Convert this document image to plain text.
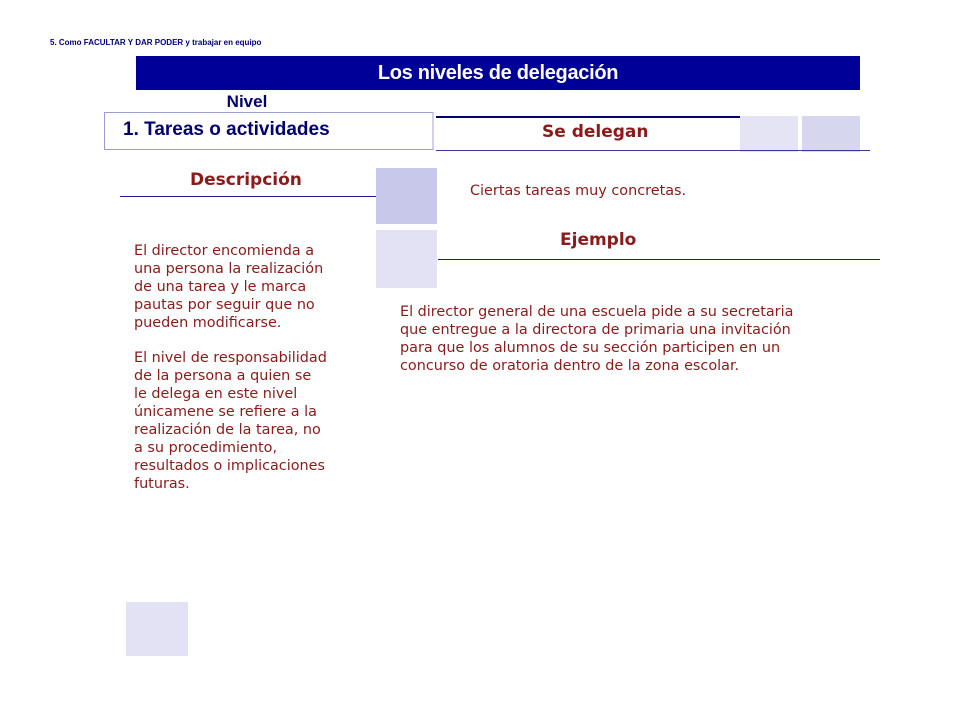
5. Como FACULTAR Y DAR PODER y trabajar en equipo
Los niveles de delegación
Nivel
1. Tareas o actividades	Se delegan
Descripción
Ciertas tareas muy concretas.
Ejemplo
El director encomienda a
una persona la realización
de una tarea y le marca
pautas por seguir que no
pueden modificarse.
El nivel de responsabilidad
de la persona a quien se
le delega en este nivel
únicamene se refiere a la
realización de la tarea, no
a su procedimiento,
resultados o implicaciones
futuras.
El director general de una escuela pide a su secretaria
que entregue a la directora de primaria una invitación
para que los alumnos de su sección participen en un
concurso de oratoria dentro de la zona escolar.
